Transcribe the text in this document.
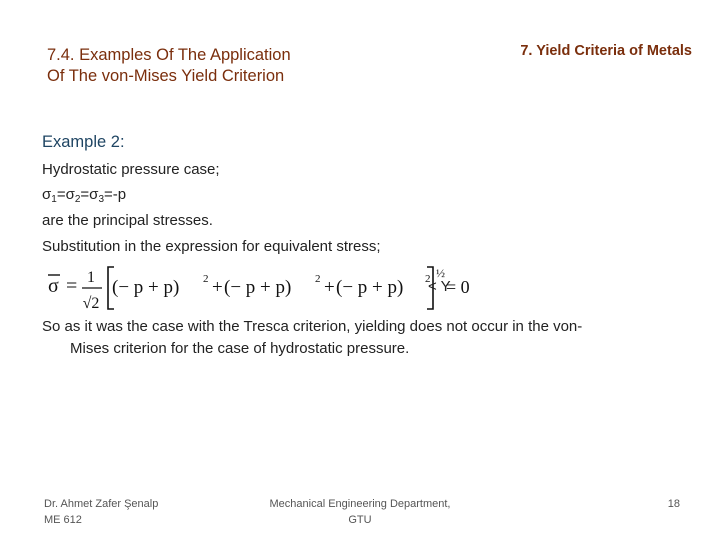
7.4. Examples Of The Application
Of The von-Mises Yield Criterion
7. Yield Criteria of Metals
Example 2:
Hydrostatic pressure case;
$\sigma_1=\sigma_2=\sigma_3=-p$
are the principal stresses.
Substitution in the expression for equivalent stress;
σ = 1
√2
(− p + p) 2 + (− p + p) 2 + (− p + p) 2 ½
= 0
< Y
So as it was the case with the Tresca criterion, yielding does not occur in the von-
Mises criterion for the case of hydrostatic pressure.
Dr. Ahmet Zafer Şenalp
ME 612
Mechanical Engineering Department,
GTU
18
